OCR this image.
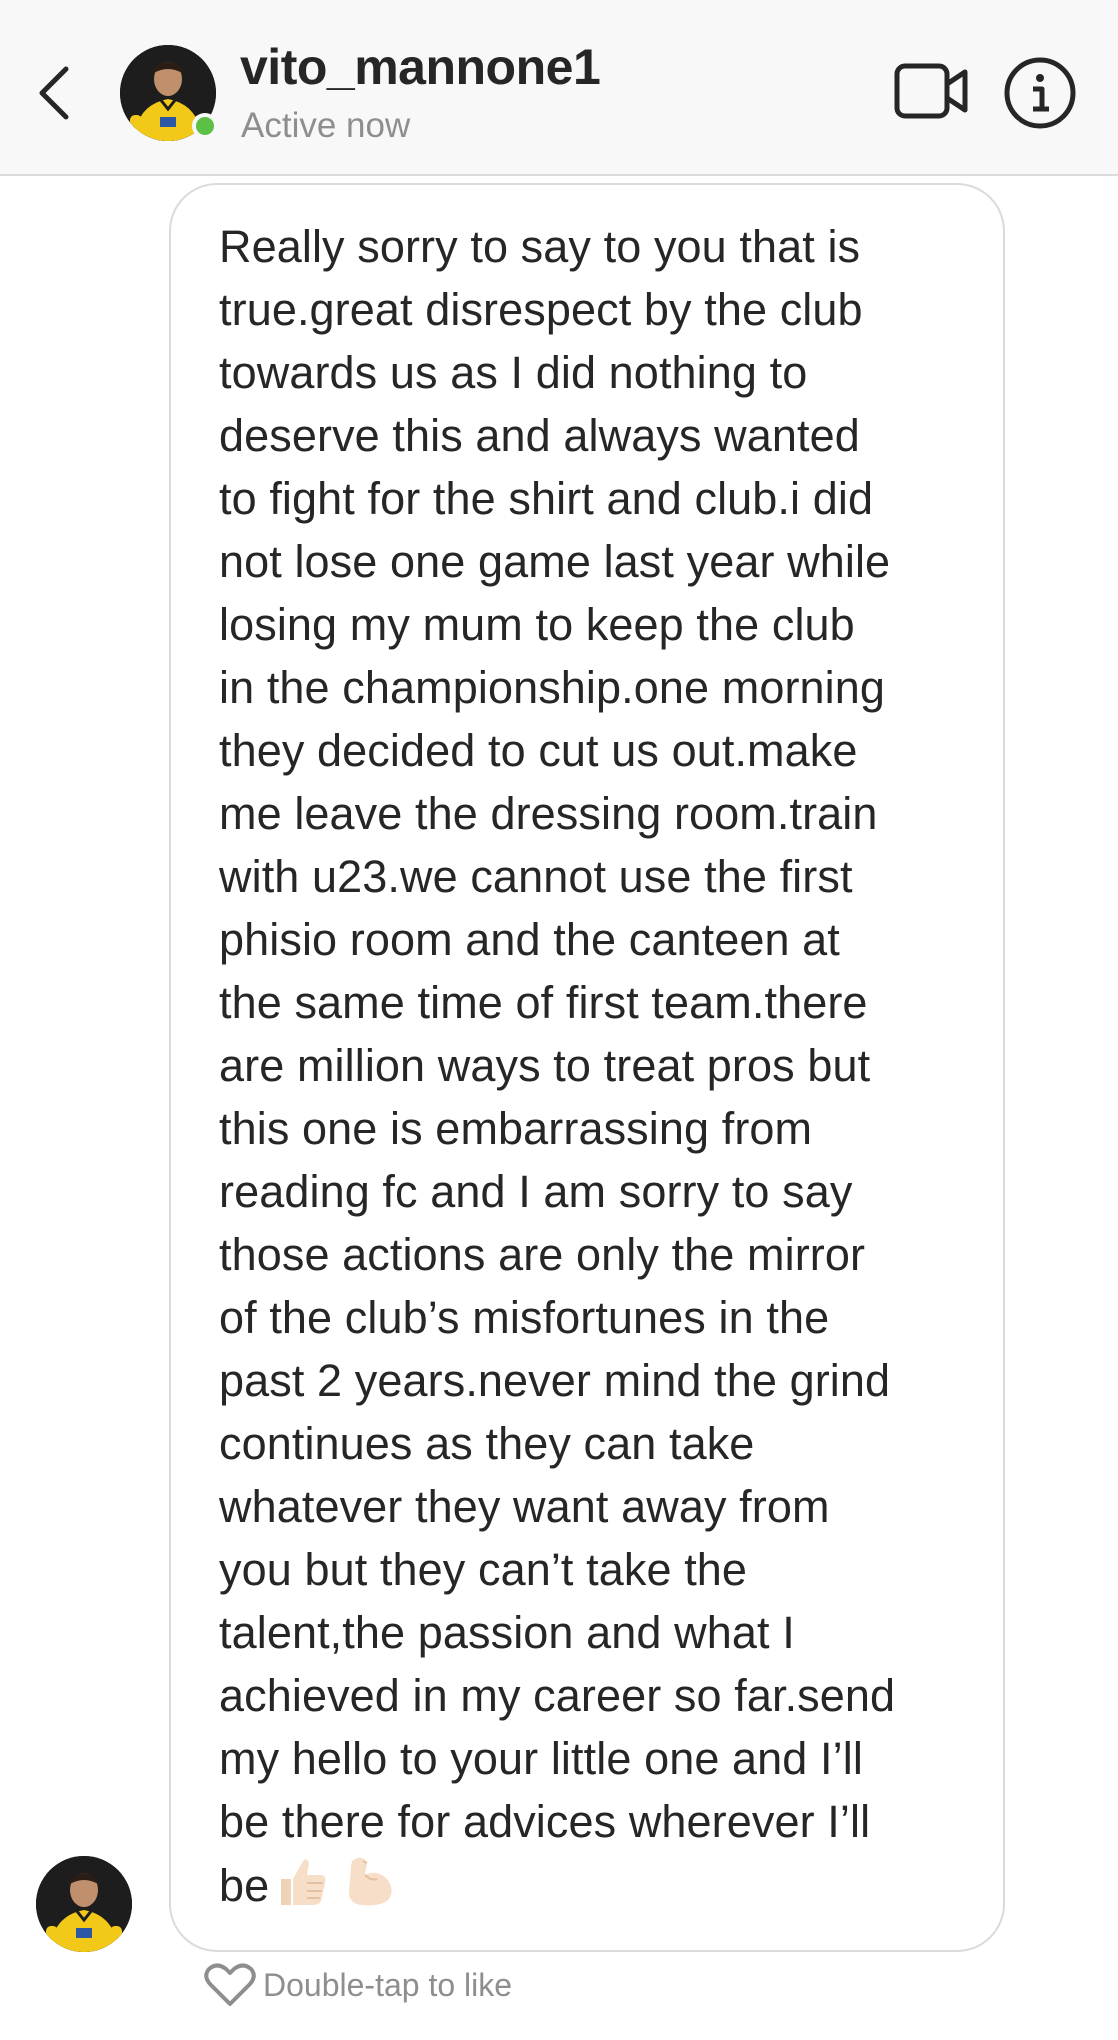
vito_mannone1
Active now
Really sorry to say to you that is
true.great disrespect by the club
towards us as I did nothing to
deserve this and always wanted
to fight for the shirt and club.i did
not lose one game last year while
losing my mum to keep the club
in the championship.one morning
they decided to cut us out.make
me leave the dressing room.train
with u23.we cannot use the first
phisio room and the canteen at
the same time of first team.there
are million ways to treat pros but
this one is embarrassing from
reading fc and I am sorry to say
those actions are only the mirror
of the club’s misfortunes in the
past 2 years.never mind the grind
continues as they can take
whatever they want away from
you but they can’t take the
talent,the passion and what I
achieved in my career so far.send
my hello to your little one and I’ll
be there for advices wherever I’ll
be
Double-tap to like
